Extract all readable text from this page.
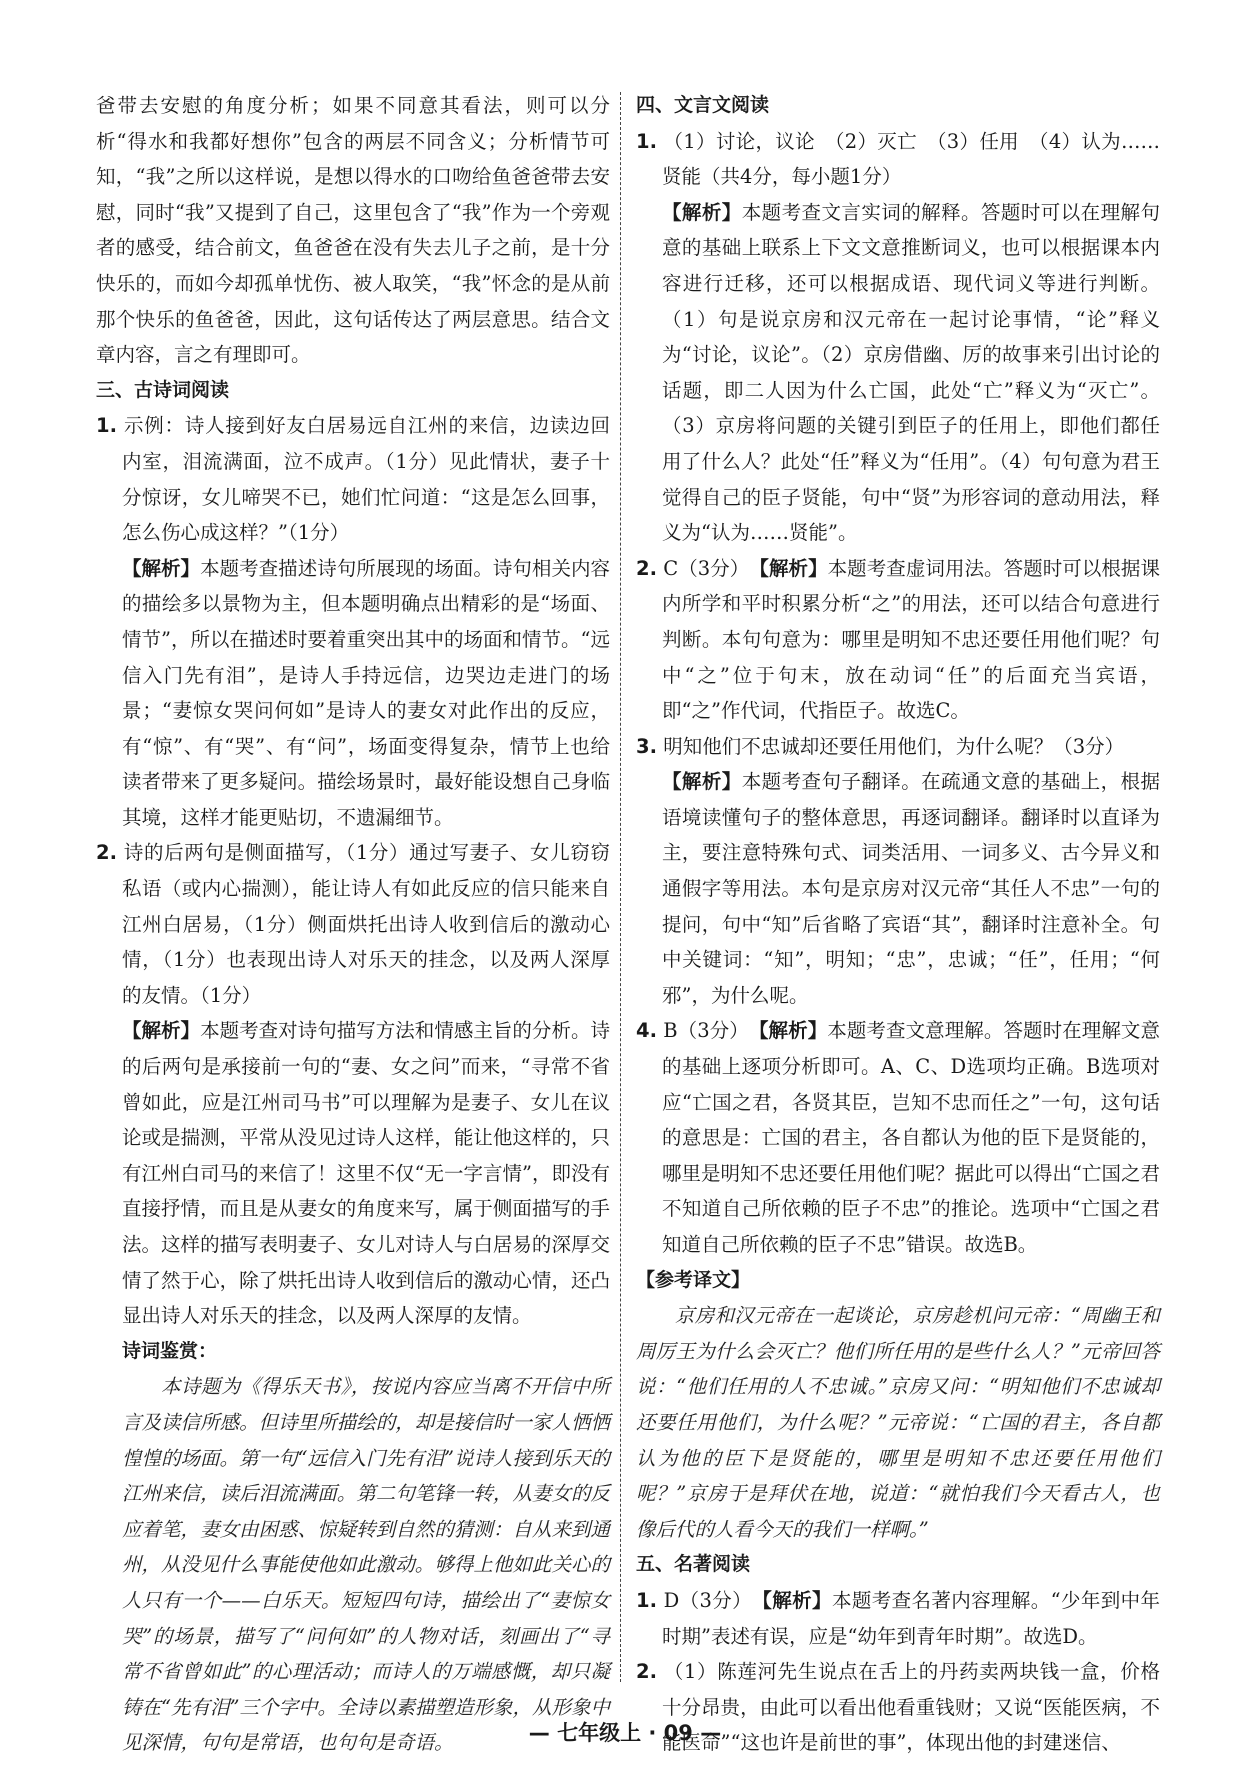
爸带去安慰的角度分析；如果不同意其看法，则可以分析“得水和我都好想你”包含的两层不同含义；分析情节可知，“我”之所以这样说，是想以得水的口吻给鱼爸爸带去安慰，同时“我”又提到了自己，这里包含了“我”作为一个旁观者的感受，结合前文，鱼爸爸在没有失去儿子之前，是十分快乐的，而如今却孤单忧伤、被人取笑，“我”怀念的是从前那个快乐的鱼爸爸，因此，这句话传达了两层意思。结合文章内容，言之有理即可。

三、古诗词阅读

1. 示例：诗人接到好友白居易远自江州的来信，边读边回内室，泪流满面，泣不成声。（1分）见此情状，妻子十分惊讶，女儿啼哭不已，她们忙问道：“这是怎么回事，怎么伤心成这样？”（1分）

【解析】本题考查描述诗句所展现的场面。诗句相关内容的描绘多以景物为主，但本题明确点出精彩的是“场面、情节”，所以在描述时要着重突出其中的场面和情节。“远信入门先有泪”，是诗人手持远信，边哭边走进门的场景；“妻惊女哭问何如”是诗人的妻女对此作出的反应，有“惊”、有“哭”、有“问”，场面变得复杂，情节上也给读者带来了更多疑问。描绘场景时，最好能设想自己身临其境，这样才能更贴切，不遗漏细节。

2. 诗的后两句是侧面描写，（1分）通过写妻子、女儿窃窃私语（或内心揣测），能让诗人有如此反应的信只能来自江州白居易，（1分）侧面烘托出诗人收到信后的激动心情，（1分）也表现出诗人对乐天的挂念，以及两人深厚的友情。（1分）

【解析】本题考查对诗句描写方法和情感主旨的分析。诗的后两句是承接前一句的“妻、女之问”而来，“寻常不省曾如此，应是江州司马书”可以理解为是妻子、女儿在议论或是揣测，平常从没见过诗人这样，能让他这样的，只有江州白司马的来信了！这里不仅“无一字言情”，即没有直接抒情，而且是从妻女的角度来写，属于侧面描写的手法。这样的描写表明妻子、女儿对诗人与白居易的深厚交情了然于心，除了烘托出诗人收到信后的激动心情，还凸显出诗人对乐天的挂念，以及两人深厚的友情。

诗词鉴赏：

本诗题为《得乐天书》，按说内容应当离不开信中所言及读信所感。但诗里所描绘的，却是接信时一家人恓恓惶惶的场面。第一句“远信入门先有泪”说诗人接到乐天的江州来信，读后泪流满面。第二句笔锋一转，从妻女的反应着笔，妻女由困惑、惊疑转到自然的猜测：自从来到通州，从没见什么事能使他如此激动。够得上他如此关心的人只有一个——白乐天。短短四句诗，描绘出了“妻惊女哭”的场景，描写了“问何如”的人物对话，刻画出了“寻常不省曾如此”的心理活动；而诗人的万端感慨，却只凝铸在“先有泪”三个字中。全诗以素描塑造形象，从形象中见深情，句句是常语，也句句是奇语。

四、文言文阅读

1. （1）讨论，议论　（2）灭亡　（3）任用　（4）认为……贤能（共4分，每小题1分）

【解析】本题考查文言实词的解释。答题时可以在理解句意的基础上联系上下文文意推断词义，也可以根据课本内容进行迁移，还可以根据成语、现代词义等进行判断。（1）句是说京房和汉元帝在一起讨论事情，“论”释义为“讨论，议论”。（2）京房借幽、厉的故事来引出讨论的话题，即二人因为什么亡国，此处“亡”释义为“灭亡”。（3）京房将问题的关键引到臣子的任用上，即他们都任用了什么人？此处“任”释义为“任用”。（4）句句意为君王觉得自己的臣子贤能，句中“贤”为形容词的意动用法，释义为“认为……贤能”。

2. C（3分）　 【解析】本题考查虚词用法。答题时可以根据课内所学和平时积累分析“之”的用法，还可以结合句意进行判断。本句句意为：哪里是明知不忠还要任用他们呢？句中“之”位于句末，放在动词“任”的后面充当宾语，即“之”作代词，代指臣子。故选C。

3. 明知他们不忠诚却还要任用他们，为什么呢？（3分）

【解析】本题考查句子翻译。在疏通文意的基础上，根据语境读懂句子的整体意思，再逐词翻译。翻译时以直译为主，要注意特殊句式、词类活用、一词多义、古今异义和通假字等用法。本句是京房对汉元帝“其任人不忠”一句的提问，句中“知”后省略了宾语“其”，翻译时注意补全。句中关键词：“知”，明知；“忠”，忠诚；“任”，任用；“何邪”，为什么呢。

4. B（3分）　 【解析】本题考查文意理解。答题时在理解文意的基础上逐项分析即可。A、C、D选项均正确。B选项对应“亡国之君，各贤其臣，岂知不忠而任之”一句，这句话的意思是：亡国的君主，各自都认为他的臣下是贤能的，哪里是明知不忠还要任用他们呢？据此可以得出“亡国之君不知道自己所依赖的臣子不忠”的推论。选项中“亡国之君知道自己所依赖的臣子不忠”错误。故选B。

【参考译文】

京房和汉元帝在一起谈论，京房趁机问元帝：“周幽王和周厉王为什么会灭亡？他们所任用的是些什么人？”元帝回答说：“他们任用的人不忠诚。”京房又问：“明知他们不忠诚却还要任用他们，为什么呢？”元帝说：“亡国的君主，各自都认为他的臣下是贤能的，哪里是明知不忠还要任用他们呢？”京房于是拜伏在地，说道：“就怕我们今天看古人，也像后代的人看今天的我们一样啊。”

五、名著阅读

1. D（3分）　 【解析】本题考查名著内容理解。“少年到中年时期”表述有误，应是“幼年到青年时期”。故选D。

2. （1）陈莲河先生说点在舌上的丹药卖两块钱一盒，价格十分昂贵，由此可以看出他看重钱财；又说“医能医病，不能医命”“这也许是前世的事”，体现出他的封建迷信、

— 七年级上 · 09 —
